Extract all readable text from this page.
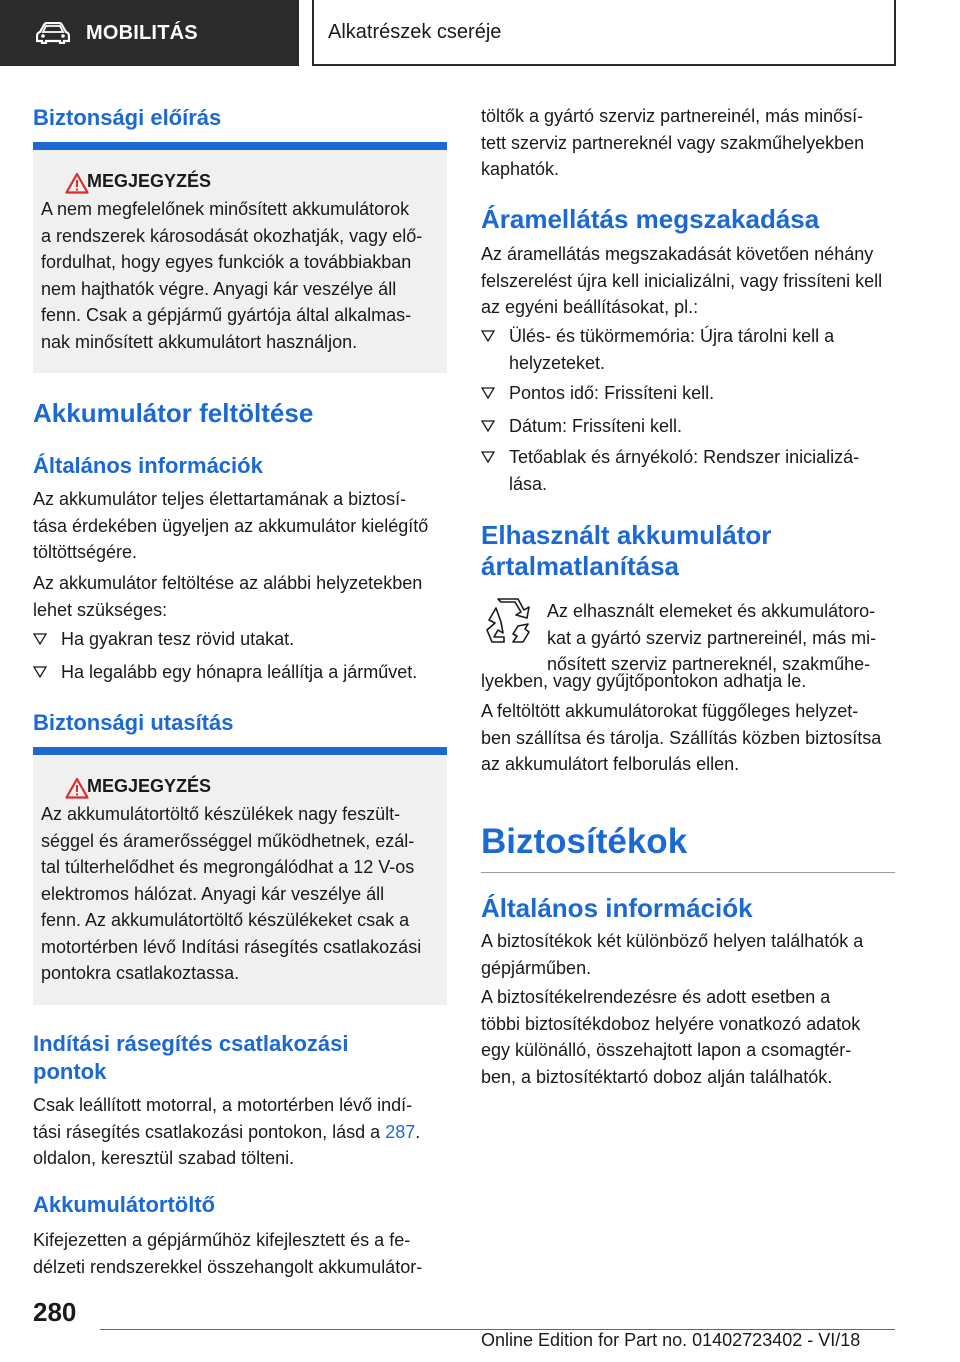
MOBILITÁS	Alkatrészek cseréje
Biztonsági előírás
MEGJEGYZÉS
A nem megfelelőnek minősített akkumulátorok
a rendszerek károsodását okozhatják, vagy elő-
fordulhat, hogy egyes funkciók a továbbiakban
nem hajthatók végre. Anyagi kár veszélye áll
fenn. Csak a gépjármű gyártója által alkalmas-
nak minősített akkumulátort használjon.
Akkumulátor feltöltése
Általános információk
Az akkumulátor teljes élettartamának a biztosí-
tása érdekében ügyeljen az akkumulátor kielégítő
töltöttségére.
Az akkumulátor feltöltése az alábbi helyzetekben
lehet szükséges:
Ha gyakran tesz rövid utakat.
Ha legalább egy hónapra leállítja a járművet.
Biztonsági utasítás
MEGJEGYZÉS
Az akkumulátortöltő készülékek nagy feszült-
séggel és áramerősséggel működhetnek, ezál-
tal túlterhelődhet és megrongálódhat a 12 V-os
elektromos hálózat. Anyagi kár veszélye áll
fenn. Az akkumulátortöltő készülékeket csak a
motortérben lévő Indítási rásegítés csatlakozási
pontokra csatlakoztassa.
Indítási rásegítés csatlakozási
pontok
Csak leállított motorral, a motortérben lévő indí-
tási rásegítés csatlakozási pontokon, lásd a 287.
oldalon, keresztül szabad tölteni.
Akkumulátortöltő
Kifejezetten a gépjárműhöz kifejlesztett és a fe-
délzeti rendszerekkel összehangolt akkumulátor-
töltők a gyártó szerviz partnereinél, más minősí-
tett szerviz partnereknél vagy szakműhelyekben
kaphatók.
Áramellátás megszakadása
Az áramellátás megszakadását követően néhány
felszerelést újra kell inicializálni, vagy frissíteni kell
az egyéni beállításokat, pl.:
Ülés- és tükörmemória: Újra tárolni kell a
helyzeteket.
Pontos idő: Frissíteni kell.
Dátum: Frissíteni kell.
Tetőablak és árnyékoló: Rendszer inicializá-
lása.
Elhasznált akkumulátor
ártalmatlanítása
Az elhasznált elemeket és akkumulátoro-
kat a gyártó szerviz partnereinél, más mi-
nősített szerviz partnereknél, szakműhe-
lyekben, vagy gyűjtőpontokon adhatja le.
A feltöltött akkumulátorokat függőleges helyzet-
ben szállítsa és tárolja. Szállítás közben biztosítsa
az akkumulátort felborulás ellen.
Biztosítékok
Általános információk
A biztosítékok két különböző helyen találhatók a
gépjárműben.
A biztosítékelrendezésre és adott esetben a
többi biztosítékdoboz helyére vonatkozó adatok
egy különálló, összehajtott lapon a csomagtér-
ben, a biztosítéktartó doboz alján találhatók.
280
Online Edition for Part no. 01402723402 - VI/18
